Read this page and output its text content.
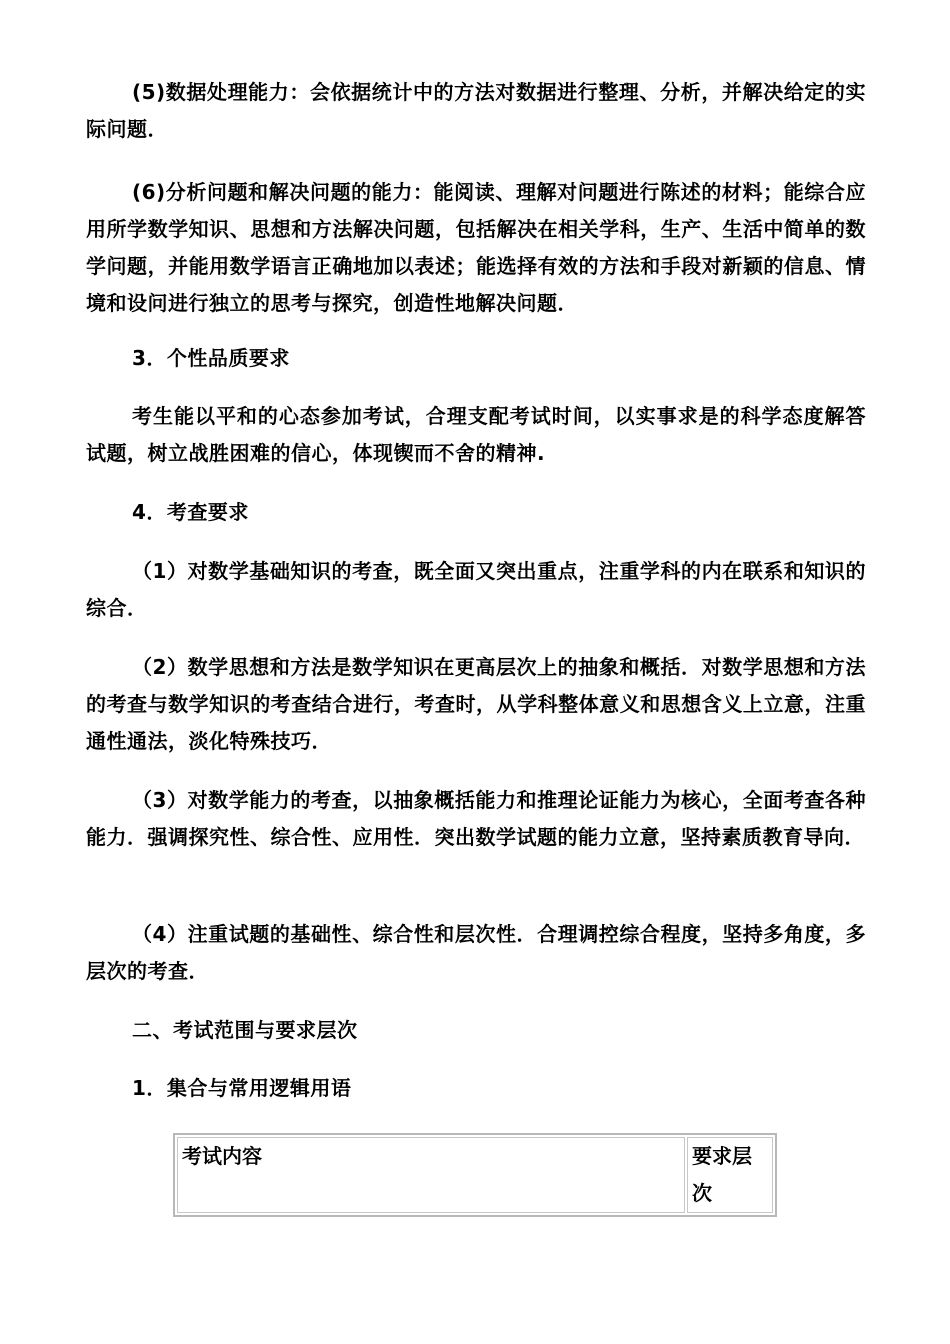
(5)数据处理能力：会依据统计中的方法对数据进行整理、分析，并解决给定的实际问题．

(6)分析问题和解决问题的能力：能阅读、理解对问题进行陈述的材料；能综合应用所学数学知识、思想和方法解决问题，包括解决在相关学科，生产、生活中简单的数学问题，并能用数学语言正确地加以表述；能选择有效的方法和手段对新颖的信息、情境和设问进行独立的思考与探究，创造性地解决问题．

3．个性品质要求

考生能以平和的心态参加考试，合理支配考试时间，以实事求是的科学态度解答试题，树立战胜困难的信心，体现锲而不舍的精神.

4．考查要求

（1）对数学基础知识的考查，既全面又突出重点，注重学科的内在联系和知识的综合．

（2）数学思想和方法是数学知识在更高层次上的抽象和概括．对数学思想和方法的考查与数学知识的考查结合进行，考查时，从学科整体意义和思想含义上立意，注重通性通法，淡化特殊技巧．

（3）对数学能力的考查，以抽象概括能力和推理论证能力为核心，全面考查各种能力．强调探究性、综合性、应用性．突出数学试题的能力立意，坚持素质教育导向．

（4）注重试题的基础性、综合性和层次性．合理调控综合程度，坚持多角度，多层次的考查．

二、考试范围与要求层次

1．集合与常用逻辑用语

考试内容	要求层次
